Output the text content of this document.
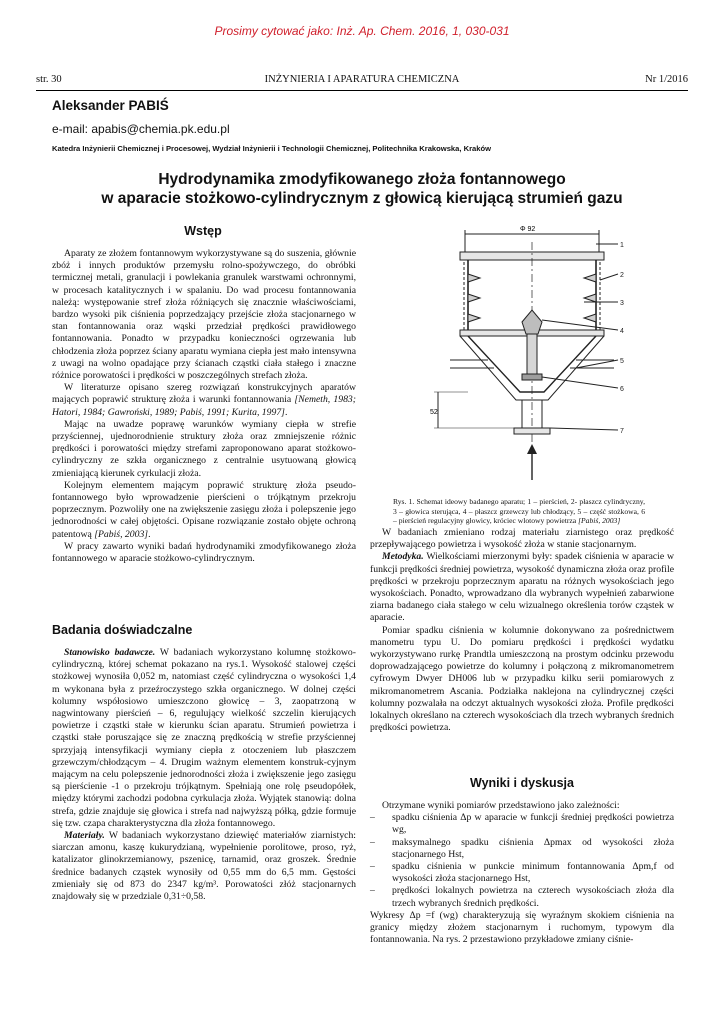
Prosimy cytować jako: Inż. Ap. Chem. 2016, 1, 030-031
str. 30	INŻYNIERIA I APARATURA CHEMICZNA	Nr 1/2016
Aleksander PABIŚ
e-mail: apabis@chemia.pk.edu.pl
Katedra Inżynierii Chemicznej i Procesowej, Wydział Inżynierii i Technologii Chemicznej, Politechnika Krakowska, Kraków
Hydrodynamika zmodyfikowanego złoża fontannowego
w aparacie stożkowo-cylindrycznym z głowicą kierującą strumień gazu
Wstęp

Aparaty ze złożem fontannowym wykorzystywane są do suszenia, głównie zbóż i innych produktów przemysłu rolno-spożywczego, do obróbki termicznej metali, granulacji i powlekania granulek warstwami ochronnymi, w procesach katalitycznych i w spalaniu. Do wad procesu fontannowania należą: występowanie stref złoża różniących się znacznie właściwościami, bardzo wysoki pik ciśnienia poprzedzający przejście złoża stacjonarnego w stan fontannowania oraz wąski przedział prędkości prawidłowego fontannowania. Ponadto w przypadku konieczności ogrzewania lub chłodzenia złoża poprzez ściany aparatu wymiana ciepła jest mało intensywna z uwagi na wolno opadające przy ścianach cząstki ciała stałego i znaczne różnice porowatości i prędkości w poszczególnych strefach złoża.

W literaturze opisano szereg rozwiązań konstrukcyjnych aparatów mających poprawić strukturę złoża i warunki fontannowania [Nemeth, 1983; Hatori, 1984; Gawroński, 1989; Pabiś, 1991; Kurita, 1997].

Mając na uwadze poprawę warunków wymiany ciepła w strefie przyściennej, ujednorodnienie struktury złoża oraz zmniejszenie różnic prędkości i porowatości między strefami zaproponowano aparat stożkowo-cylindryczny ze szkła organicznego z centralnie usytuowaną głowicą zmieniającą kierunek cyrkulacji złoża.

Kolejnym elementem mającym poprawić strukturę złoża pseudo-fontannowego było wprowadzenie pierścieni o trójkątnym przekroju poprzecznym. Pozwoliły one na zwiększenie zasięgu złoża i polepszenie jego jednorodności w całej objętości. Opisane rozwiązanie zostało objęte ochroną patentową [Pabiś, 2003].

W pracy zawarto wyniki badań hydrodynamiki zmodyfikowanego złoża fontannowego w aparacie stożkowo-cylindrycznym.

Badania doświadczalne

Stanowisko badawcze. W badaniach wykorzystano kolumnę stożkowo-cylindryczną, której schemat pokazano na rys.1. Wysokość stalowej części stożkowej wynosiła 0,052 m, natomiast część cylindryczna o wysokości 1,4 m wykonana była z przeźroczystego szkła organicznego. W dolnej części kolumny współosiowo umieszczono głowicę – 3, zaopatrzoną w nagwintowany pierścień – 6, regulujący wielkość szczelin kierujących powietrze i cząstki stałe w kierunku ścian aparatu. Strumień powietrza i cząstki stałe poruszające się ze znaczną prędkością w strefie przyściennej sprzyjają intensyfikacji wymiany ciepła z otoczeniem lub płaszczem grzewczym/chłodzącym – 4. Drugim ważnym elementem konstruk-cyjnym mającym na celu polepszenie jednorodności złoża i zwiększenie jego zasięgu są pierścienie -1 o przekroju trójkątnym. Spełniają one rolę pseudopółek, między którymi zachodzi podobna cyrkulacja złoża. Wyjątek stanowią: dolna strefa, gdzie znajduje się głowica i strefa nad najwyższą półką, gdzie formuje się tzw. czapa charakterystyczna dla złoża fontannowego.

Materiały. W badaniach wykorzystano dziewięć materiałów ziarnistych: siarczan amonu, kaszę kukurydzianą, wypełnienie porolitowe, proso, ryż, katalizator glinokrzemianowy, pszenicę, tarnamid, oraz groszek. Średnie średnice badanych cząstek wynosiły od 0,55 mm do 6,5 mm. Gęstości zmieniały się od 873 do 2347 kg/m³. Porowatości złóż stacjonarnych znajdowały się w przedziale 0,31÷0,58.

Φ 92
52
1
2
3
4
5
6
7
Rys. 1. Schemat ideowy badanego aparatu; 1 – pierścień, 2- płaszcz cylindryczny, 3 – głowica sterująca, 4 – płaszcz grzewczy lub chłodzący, 5 – część stożkowa, 6 – pierścień regulacyjny głowicy, króciec wlotowy powietrza [Pabiś, 2003]

W badaniach zmieniano rodzaj materiału ziarnistego oraz prędkość przepływającego powietrza i wysokość złoża w stanie stacjonarnym.

Metodyka. Wielkościami mierzonymi były: spadek ciśnienia w aparacie w funkcji prędkości średniej powietrza, wysokość dynamiczna złoża oraz profile prędkości w przekroju poprzecznym aparatu na różnych wysokościach jego wysokościach. Ponadto, wprowadzano dla wybranych wypełnień zabarwione ziarna badanego ciała stałego w celu wizualnego określenia torów cząstek w aparacie.

Pomiar spadku ciśnienia w kolumnie dokonywano za pośrednictwem manometru typu U. Do pomiaru prędkości i prędkości wydatku wykorzystywano rurkę Prandtla umieszczoną na prostym odcinku przewodu doprowadzającego powietrze do kolumny i połączoną z mikromanometrem cyfrowym Dwyer DH006 lub w przypadku kilku serii pomiarowych z mikromanometrem Ascania. Podziałka naklejona na cylindrycznej części kolumny pozwalała na odczyt aktualnych wysokości złoża. Profile prędkości lokalnych określano na czterech wysokościach dla trzech wybranych średnich prędkości powietrza.

Wyniki i dyskusja

Otrzymane wyniki pomiarów przedstawiono jako zależności:

– spadku ciśnienia Δp w aparacie w funkcji średniej prędkości powietrza wg,
– maksymalnego spadku ciśnienia Δpmax od wysokości złoża stacjonarnego Hst,
– spadku ciśnienia w punkcie minimum fontannowania Δpm,f od wysokości złoża stacjonarnego Hst,
– prędkości lokalnych powietrza na czterech wysokościach złoża dla trzech wybranych średnich prędkości.

Wykresy Δp =f (wg) charakteryzują się wyraźnym skokiem ciśnienia na granicy między złożem stacjonarnym i ruchomym, typowym dla fontannowania. Na rys. 2 przestawiono przykładowe zmiany ciśnie-
